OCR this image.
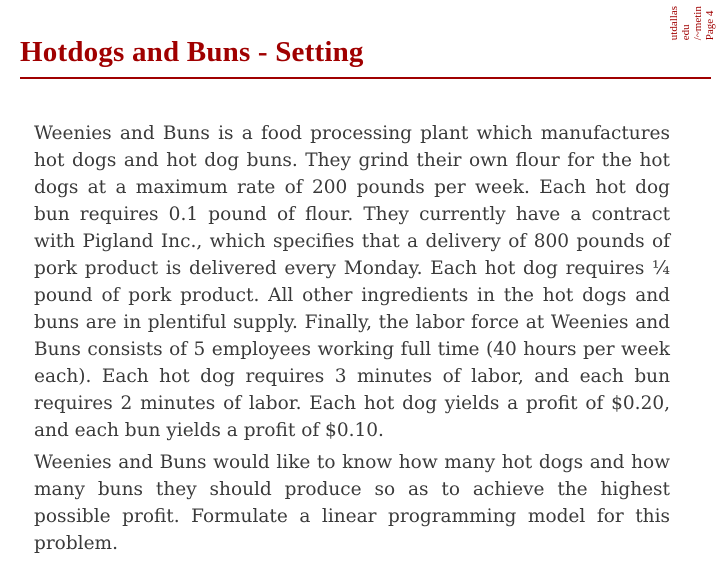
Hotdogs and Buns - Setting
utdallas edu /~metin Page 4

Weenies and Buns is a food processing plant which manufactures hot dogs and hot dog buns. They grind their own flour for the hot dogs at a maximum rate of 200 pounds per week. Each hot dog bun requires 0.1 pound of flour. They currently have a contract with Pigland Inc., which specifies that a delivery of 800 pounds of pork product is delivered every Monday. Each hot dog requires ¼ pound of pork product. All other ingredients in the hot dogs and buns are in plentiful supply. Finally, the labor force at Weenies and Buns consists of 5 employees working full time (40 hours per week each). Each hot dog requires 3 minutes of labor, and each bun requires 2 minutes of labor. Each hot dog yields a profit of $0.20, and each bun yields a profit of $0.10.

Weenies and Buns would like to know how many hot dogs and how many buns they should produce so as to achieve the highest possible profit. Formulate a linear programming model for this problem.
